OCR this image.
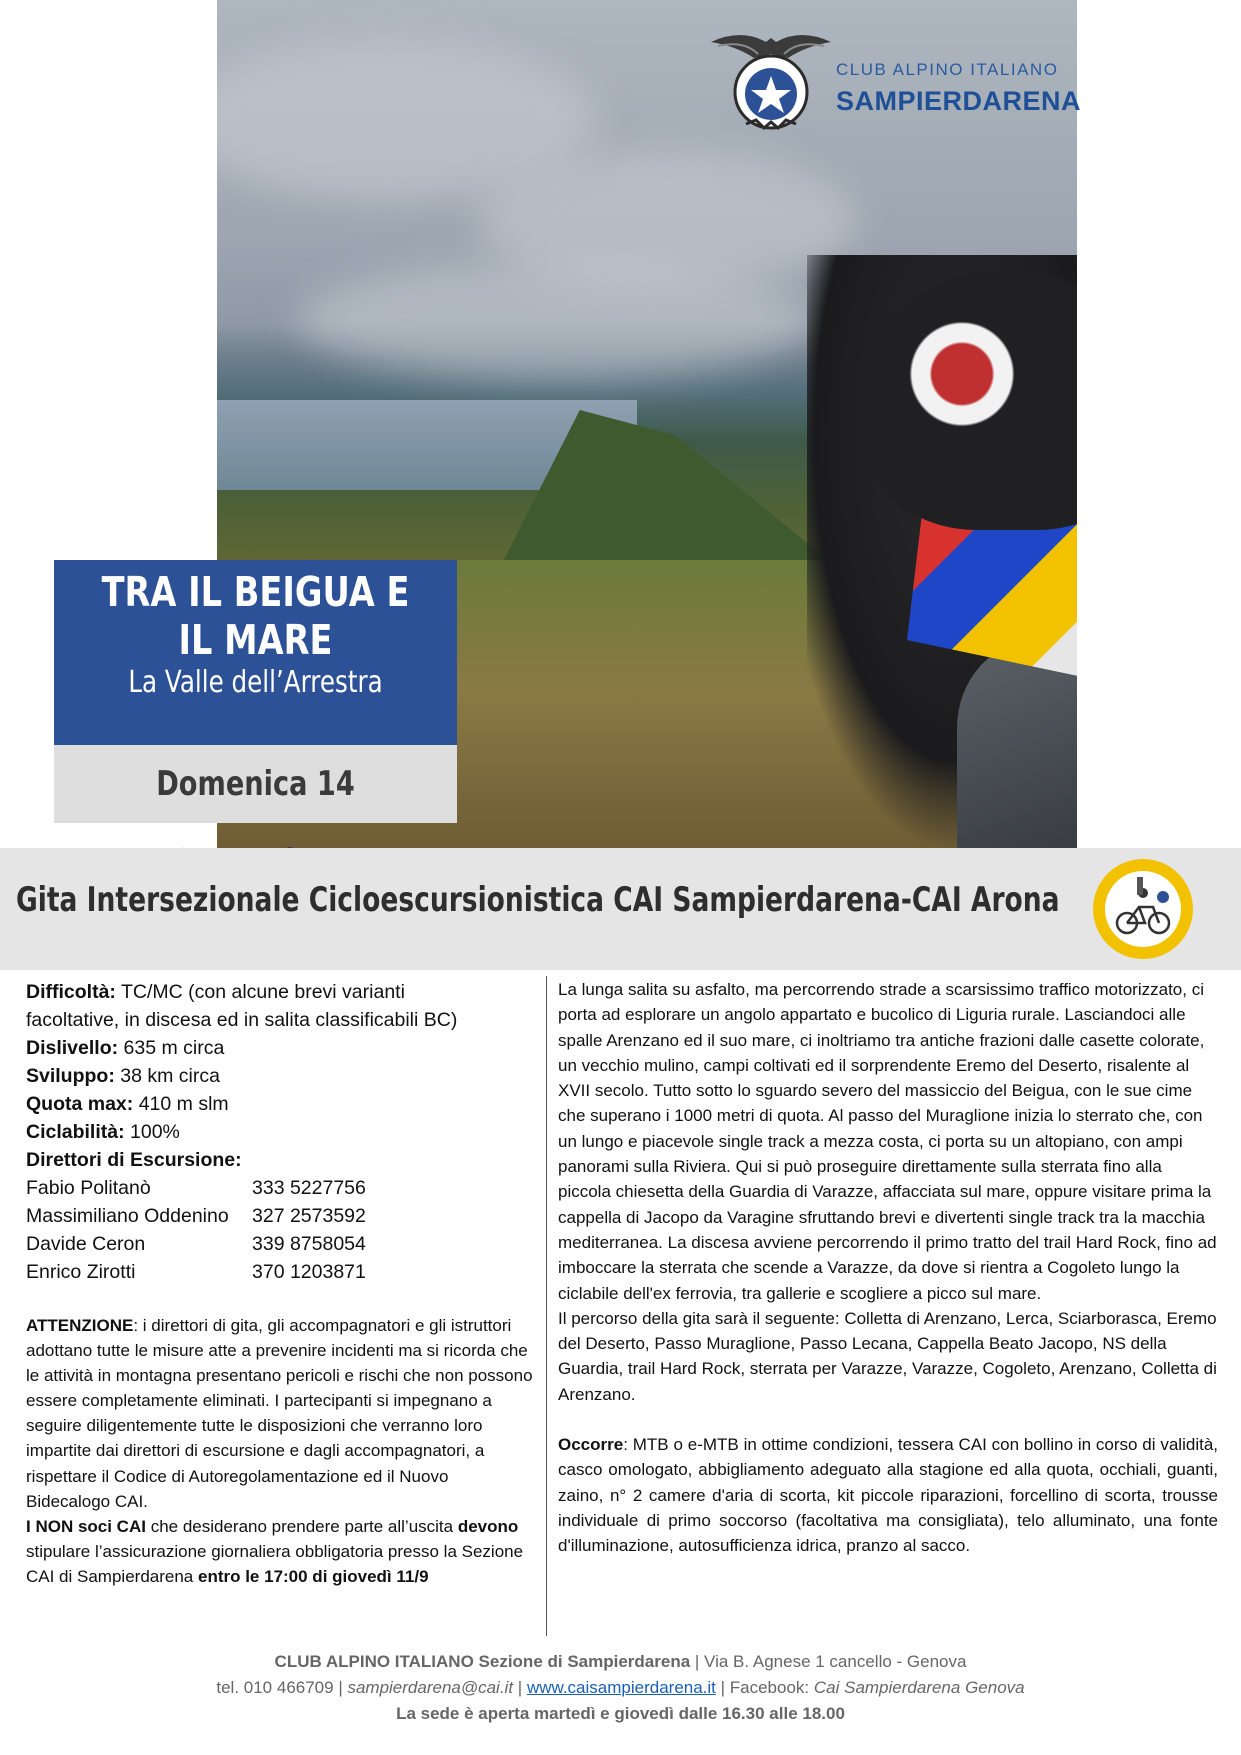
CLUB ALPINO ITALIANO
SAMPIERDARENA
TRA IL BEIGUA E IL MARE
La Valle dell’Arrestra
Domenica 14
Gita Intersezionale Cicloescursionistica CAI Sampierdarena-CAI Arona
Difficoltà: TC/MC (con alcune brevi varianti
facoltative, in discesa ed in salita classificabili BC)
Dislivello: 635 m circa
Sviluppo: 38 km circa
Quota max: 410 m slm
Ciclabilità: 100%
Direttori di Escursione:
Fabio Politanò	333 5227756
Massimiliano Oddenino	327 2573592
Davide Ceron	339 8758054
Enrico Zirotti	370 1203871
ATTENZIONE: i direttori di gita, gli accompagnatori e gli istruttori adottano tutte le misure atte a prevenire incidenti ma si ricorda che le attività in montagna presentano pericoli e rischi che non possono essere completamente eliminati. I partecipanti si impegnano a seguire diligentemente tutte le disposizioni che verranno loro impartite dai direttori di escursione e dagli accompagnatori, a rispettare il Codice di Autoregolamentazione ed il Nuovo Bidecalogo CAI.
I NON soci CAI che desiderano prendere parte all’uscita devono stipulare l’assicurazione giornaliera obbligatoria presso la Sezione CAI di Sampierdarena entro le 17:00 di giovedì 11/9

La lunga salita su asfalto, ma percorrendo strade a scarsissimo traffico motorizzato, ci porta ad esplorare un angolo appartato e bucolico di Liguria rurale. Lasciandoci alle spalle Arenzano ed il suo mare, ci inoltriamo tra antiche frazioni dalle casette colorate, un vecchio mulino, campi coltivati ed il sorprendente Eremo del Deserto, risalente al XVII secolo. Tutto sotto lo sguardo severo del massiccio del Beigua, con le sue cime che superano i 1000 metri di quota. Al passo del Muraglione inizia lo sterrato che, con un lungo e piacevole single track a mezza costa, ci porta su un altopiano, con ampi panorami sulla Riviera. Qui si può proseguire direttamente sulla sterrata fino alla piccola chiesetta della Guardia di Varazze, affacciata sul mare, oppure visitare prima la cappella di Jacopo da Varagine sfruttando brevi e divertenti single track tra la macchia mediterranea. La discesa avviene percorrendo il primo tratto del trail Hard Rock, fino ad imboccare la sterrata che scende a Varazze, da dove si rientra a Cogoleto lungo la ciclabile dell'ex ferrovia, tra gallerie e scogliere a picco sul mare.

Il percorso della gita sarà il seguente: Colletta di Arenzano, Lerca, Sciarborasca, Eremo del Deserto, Passo Muraglione, Passo Lecana, Cappella Beato Jacopo, NS della Guardia, trail Hard Rock, sterrata per Varazze, Varazze, Cogoleto, Arenzano, Colletta di Arenzano.

Occorre: MTB o e-MTB in ottime condizioni, tessera CAI con bollino in corso di validità, casco omologato, abbigliamento adeguato alla stagione ed alla quota, occhiali, guanti, zaino, n° 2 camere d'aria di scorta, kit piccole riparazioni, forcellino di scorta, trousse individuale di primo soccorso (facoltativa ma consigliata), telo alluminato, una fonte d'illuminazione, autosufficienza idrica, pranzo al sacco.

CLUB ALPINO ITALIANO Sezione di Sampierdarena | Via B. Agnese 1 cancello - Genova
tel. 010 466709 | sampierdarena@cai.it | www.caisampierdarena.it | Facebook: Cai Sampierdarena Genova
La sede è aperta martedì e giovedì dalle 16.30 alle 18.00
